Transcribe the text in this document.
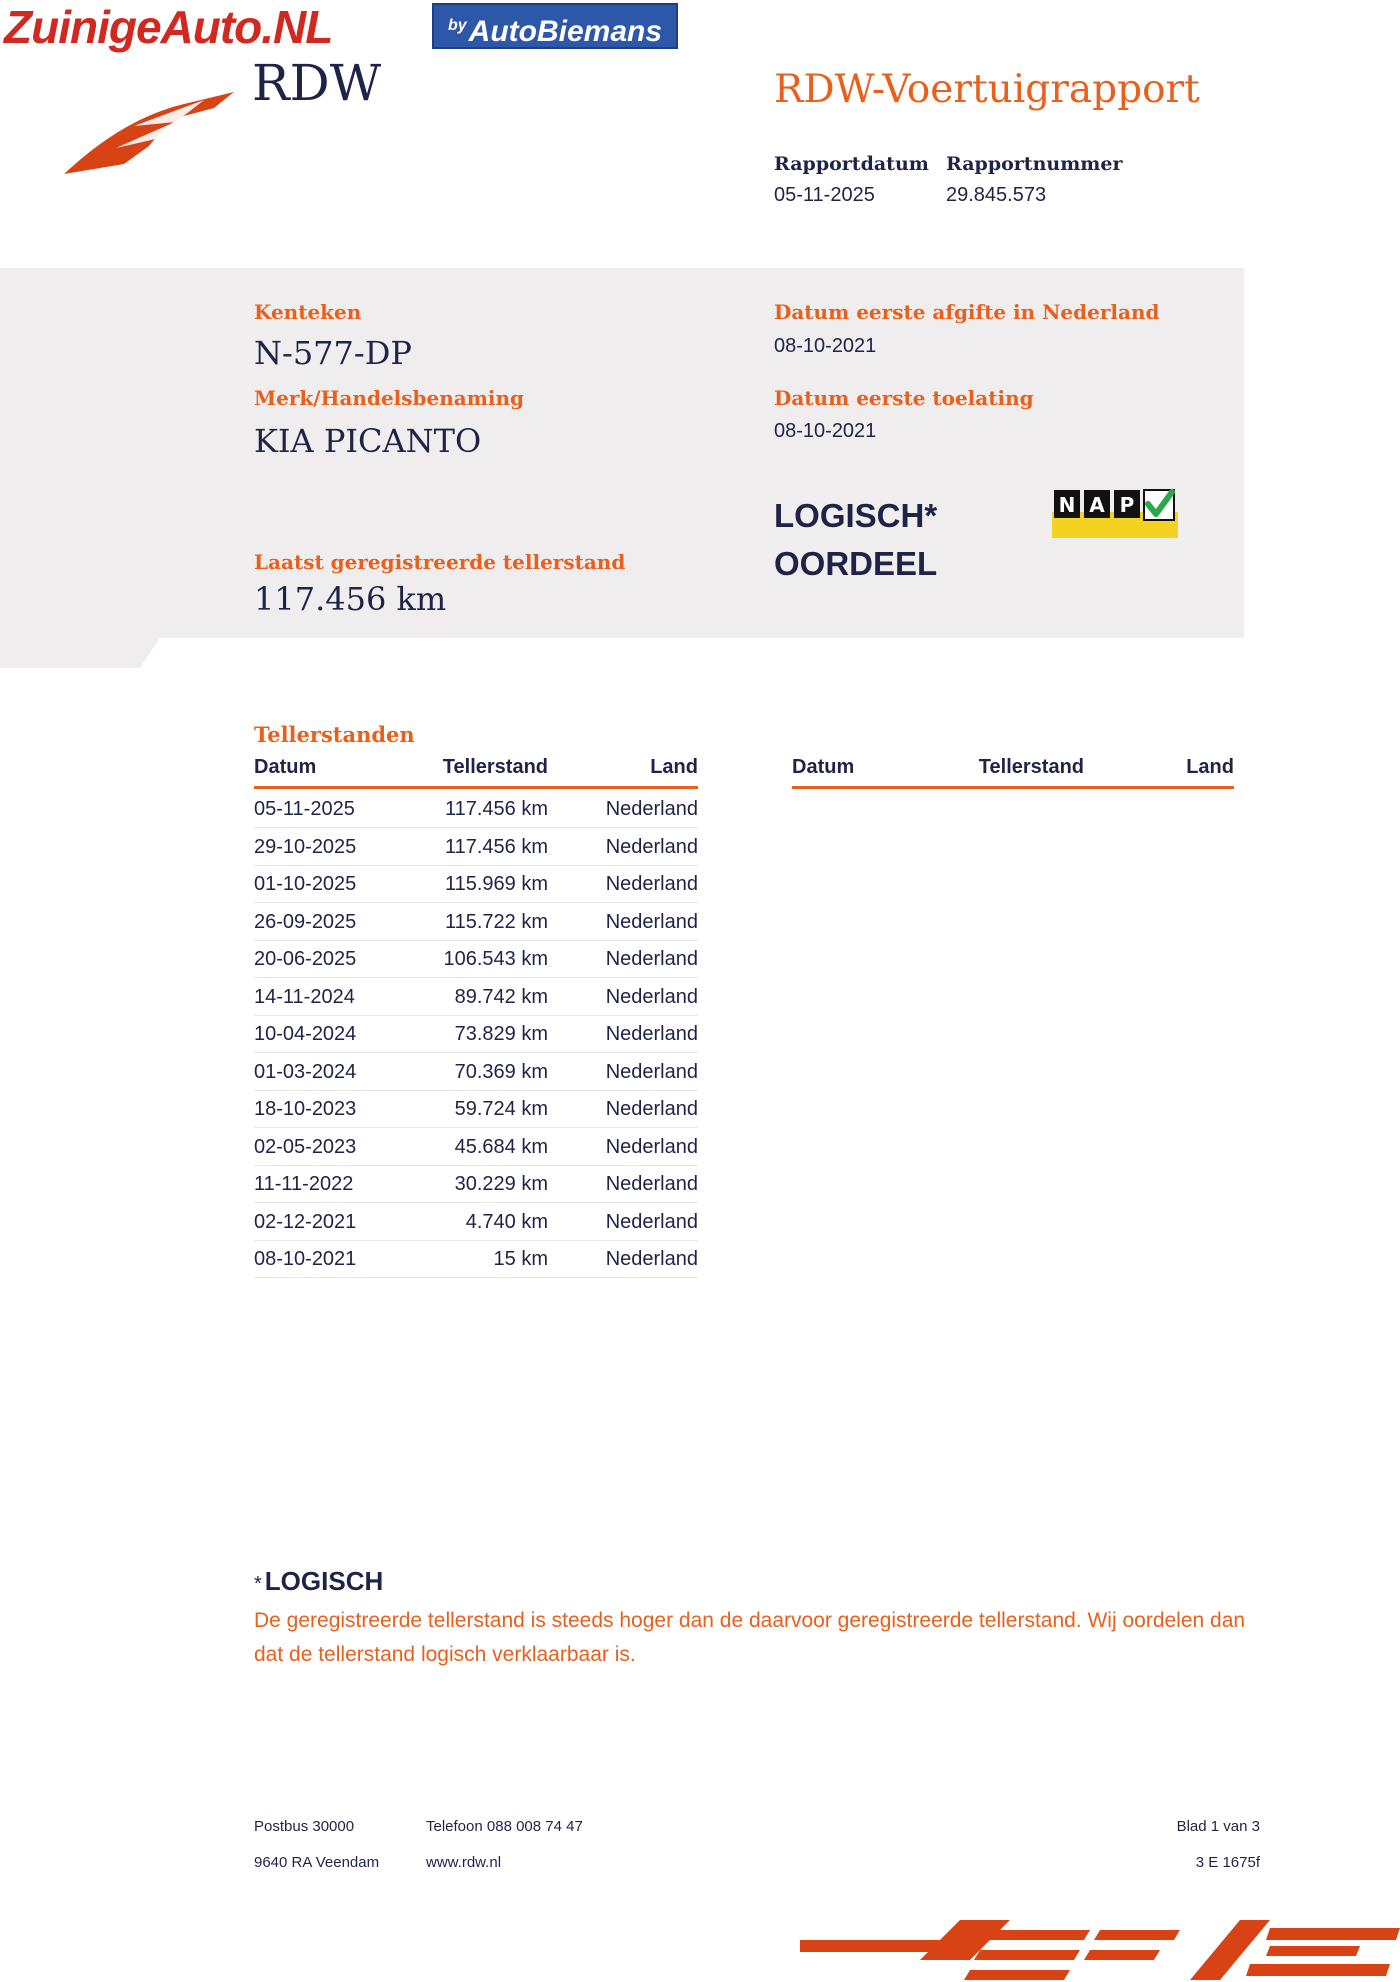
ZuinigeAuto.NL	$^{by}$AutoBiemans
RDW	RDW-Voertuigrapport
Rapportdatum
05-11-2025
Rapportnummer
29.845.573
Kenteken
N-577-DP
Merk/Handelsbenaming
KIA PICANTO
Laatst geregistreerde tellerstand
117.456 km
Datum eerste afgifte in Nederland
08-10-2021
Datum eerste toelating
08-10-2021
LOGISCH*
OORDEEL
N A P
Tellerstanden
Datum	Tellerstand	Land	Datum	Tellerstand	Land
05-11-2025	117.456 km	Nederland
29-10-2025	117.456 km	Nederland
01-10-2025	115.969 km	Nederland
26-09-2025	115.722 km	Nederland
20-06-2025	106.543 km	Nederland
14-11-2024	89.742 km	Nederland
10-04-2024	73.829 km	Nederland
01-03-2024	70.369 km	Nederland
18-10-2023	59.724 km	Nederland
02-05-2023	45.684 km	Nederland
11-11-2022	30.229 km	Nederland
02-12-2021	4.740 km	Nederland
08-10-2021	15 km	Nederland
* LOGISCH
De geregistreerde tellerstand is steeds hoger dan de daarvoor geregistreerde tellerstand. Wij oordelen dan dat de tellerstand logisch verklaarbaar is.
Postbus 30000
9640 RA Veendam
Telefoon 088 008 74 47
www.rdw.nl
Blad 1 van 3
3 E 1675f
